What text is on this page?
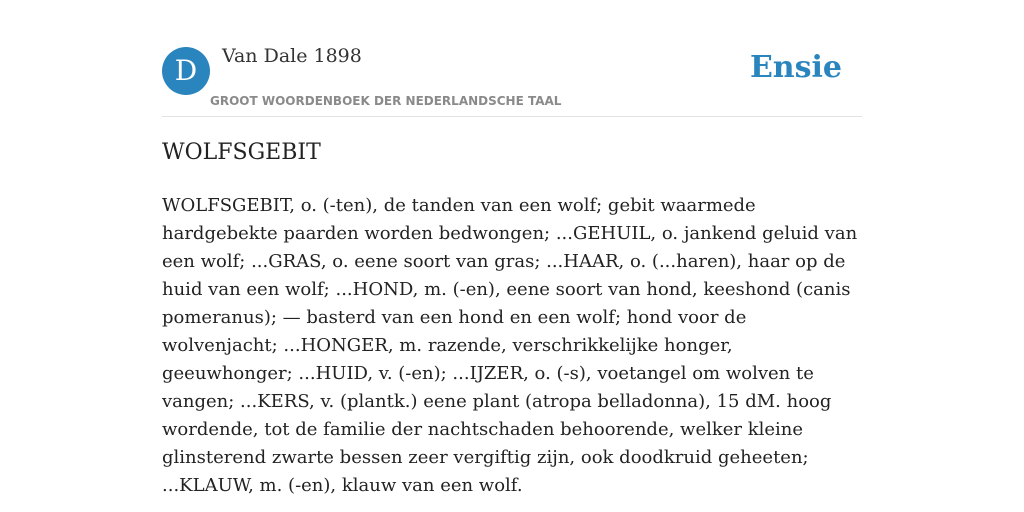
D	Van Dale 1898
GROOT WOORDENBOEK DER NEDERLANDSCHE TAAL
Ensie
WOLFSGEBIT

WOLFSGEBIT, o. (-ten), de tanden van een wolf; gebit waarmede hardgebekte paarden worden bedwongen; ...GEHUIL, o. jankend geluid van een wolf; ...GRAS, o. eene soort van gras; ...HAAR, o. (...haren), haar op de huid van een wolf; ...HOND, m. (-en), eene soort van hond, keeshond (canis pomeranus); — basterd van een hond en een wolf; hond voor de wolvenjacht; ...HONGER, m. razende, verschrikkelijke honger, geeuwhonger; ...HUID, v. (-en); ...IJZER, o. (-s), voetangel om wolven te vangen; ...KERS, v. (plantk.) eene plant (atropa belladonna), 15 dM. hoog wordende, tot de familie der nachtschaden behoorende, welker kleine glinsterend zwarte bessen zeer vergiftig zijn, ook doodkruid geheeten; ...KLAUW, m. (-en), klauw van een wolf.
